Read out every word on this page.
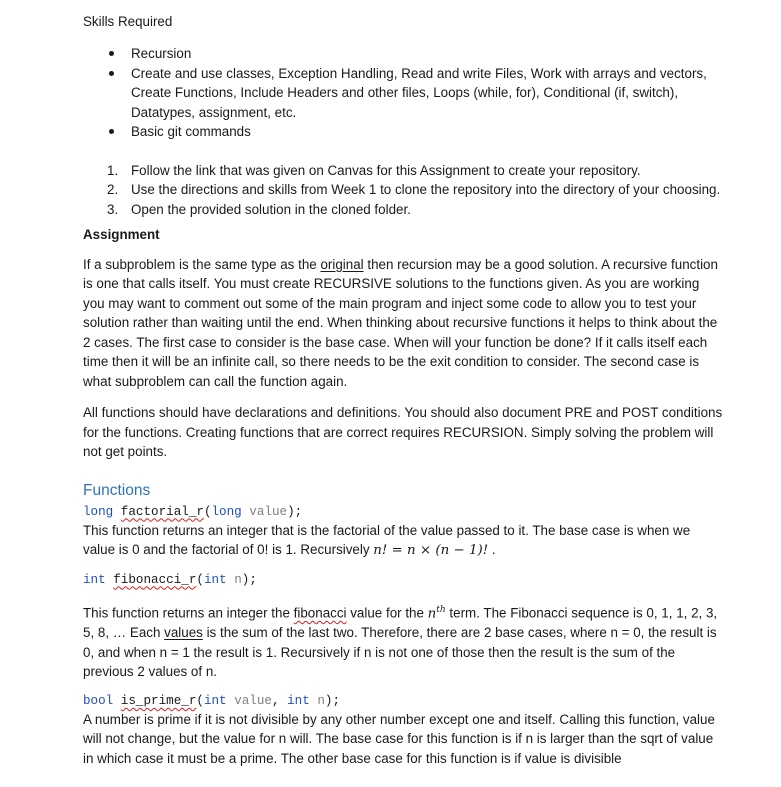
Skills Required

Recursion
Create and use classes, Exception Handling, Read and write Files, Work with arrays and vectors, Create Functions, Include Headers and other files, Loops (while, for), Conditional (if, switch), Datatypes, assignment, etc.
Basic git commands
1. Follow the link that was given on Canvas for this Assignment to create your repository.
2. Use the directions and skills from Week 1 to clone the repository into the directory of your choosing.
3. Open the provided solution in the cloned folder.

Assignment

If a subproblem is the same type as the original then recursion may be a good solution. A recursive function is one that calls itself. You must create RECURSIVE solutions to the functions given. As you are working you may want to comment out some of the main program and inject some code to allow you to test your solution rather than waiting until the end. When thinking about recursive functions it helps to think about the 2 cases. The first case to consider is the base case. When will your function be done? If it calls itself each time then it will be an infinite call, so there needs to be the exit condition to consider. The second case is what subproblem can call the function again.

All functions should have declarations and definitions. You should also document PRE and POST conditions for the functions. Creating functions that are correct requires RECURSION. Simply solving the problem will not get points.

Functions

long factorial_r(long value);

This function returns an integer that is the factorial of the value passed to it. The base case is when we value is 0 and the factorial of 0! is 1. Recursively n! = n × (n − 1)! .

int fibonacci_r(int n);

This function returns an integer the fibonacci value for the $n^{th}$ term. The Fibonacci sequence is 0, 1, 1, 2, 3, 5, 8, … Each values is the sum of the last two. Therefore, there are 2 base cases, where n = 0, the result is 0, and when n = 1 the result is 1. Recursively if n is not one of those then the result is the sum of the previous 2 values of n.

bool is_prime_r(int value, int n);

A number is prime if it is not divisible by any other number except one and itself. Calling this function, value will not change, but the value for n will. The base case for this function is if n is larger than the sqrt of value in which case it must be a prime. The other base case for this function is if value is divisible
